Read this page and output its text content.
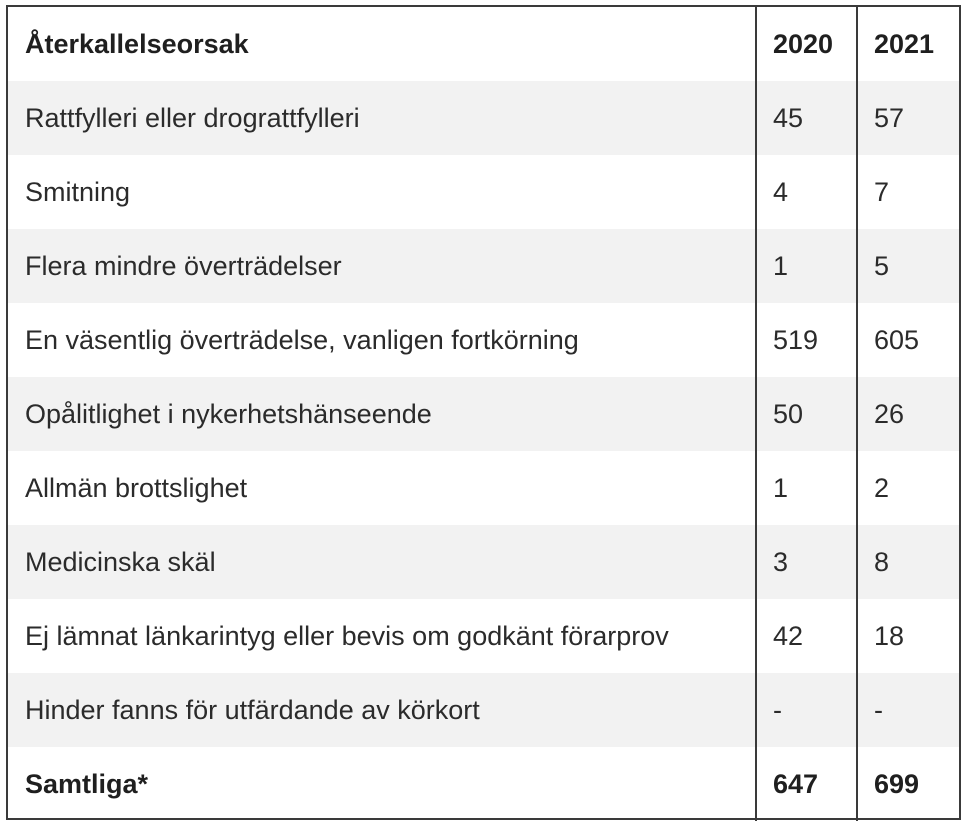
Återkallelseorsak	2020	2021
Rattfylleri eller drograttfylleri	45	57
Smitning	4	7
Flera mindre överträdelser	1	5
En väsentlig överträdelse, vanligen fortkörning	519	605
Opålitlighet i nykerhetshänseende	50	26
Allmän brottslighet	1	2
Medicinska skäl	3	8
Ej lämnat länkarintyg eller bevis om godkänt förarprov	42	18
Hinder fanns för utfärdande av körkort	-	-
Samtliga*	647	699
